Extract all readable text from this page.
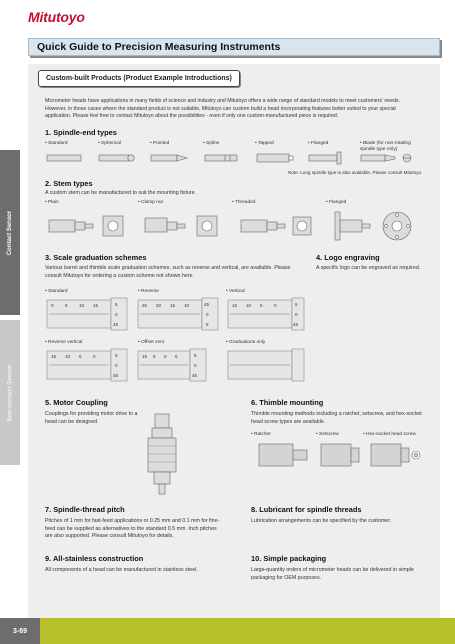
Mitutoyo
Quick Guide to Precision Measuring Instruments
Custom-built Products (Product Example Introductions)
Contact Sensor
Non-contact Sensor
Micrometer heads have applications in many fields of science and industry and Mitutoyo offers a wide range of standard models to meet customers' needs. However, in those cases where the standard product is not suitable, Mitutoyo can custom build a head incorporating features better suited to your special application. Please feel free to contact Mitutoyo about the possibilities - even if only one custom-manufactured piece is required.
1. Spindle-end types
• Standard	• Spherical	• Pointed	• Spline	• Tapped	• Flanged	• Blade (for non-rotating spindle type only)
Note: Long spindle type is also available. Please consult Mitutoyo.
2. Stem types
A custom stem can be manufactured to suit the mounting fixture.
• Plain	• Clamp nut	• Threaded	• Flanged
3. Scale graduation schemes
Various barrel and thimble scale graduation schemes, such as reverse and vertical, are available. Please consult Mitutoyo for ordering a custom scheme not shown here.
4. Logo engraving
A specific logo can be engraved as required.
• Standard	• Reverse	• Vertical
• Reverse vertical	• Offset zero	• Graduations only
0	5	10 15	5
0
45
25 20 15 10	45
0
5
15 10 5	0	5
0
45
15 10 5	0	5
0
45
15 5 0 5	5
0
45
5. Motor Coupling
Couplings for providing motor drive to a head can be designed.
6. Thimble mounting
Thimble mounting methods including a ratchet, setscrew, and hex-socket head screw types are available.
• Ratchet	• Setscrew	• Hex-socket head screw
7. Spindle-thread pitch
Pitches of 1 mm for fast-feed applications or 0.25 mm and 0.1 mm for fine-feed can be supplied as alternatives to the standard 0.5 mm. Inch pitches are also supported. Please consult Mitutoyo for details.
8. Lubricant for spindle threads
Lubrication arrangements can be specified by the customer.
9. All-stainless construction
All components of a head can be manufactured in stainless steel.
10. Simple packaging
Large-quantity orders of micrometer heads can be delivered in simple packaging for OEM purposes.
3-69
